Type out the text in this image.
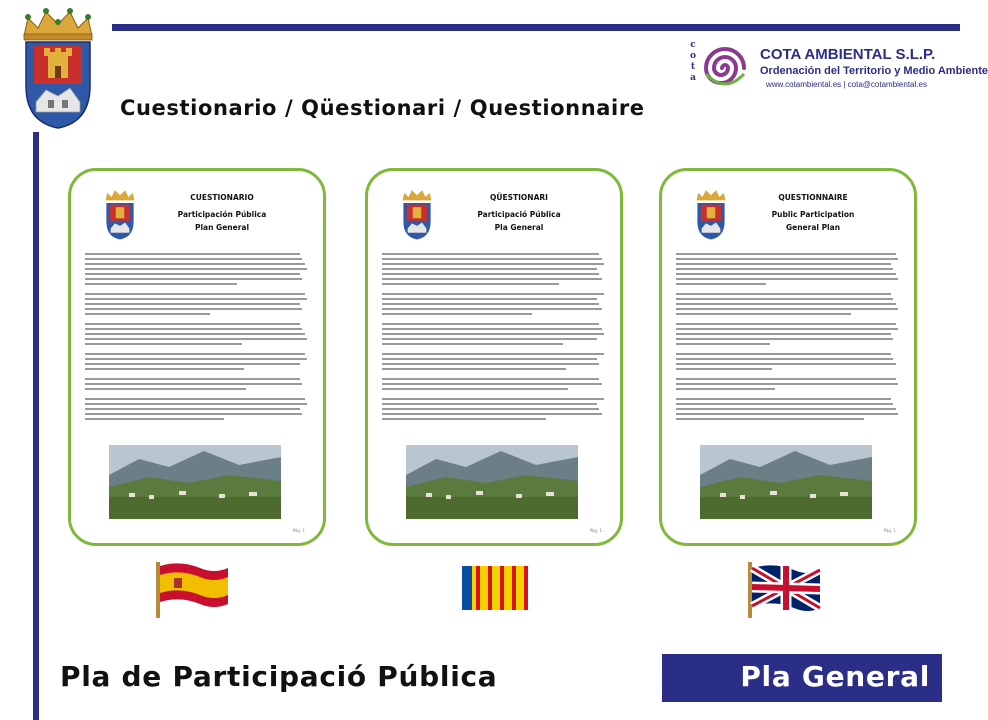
Cuestionario / Qüestionari / Questionnaire
c
o
t
a
COTA AMBIENTAL S.L.P.
Ordenación del Territorio y Medio Ambiente
www.cotambiental.es | cota@cotambiental.es
CUESTIONARIO
Participación Pública
Plan General
Pág. 1
QÜESTIONARI
Participació Pública
Pla General
Pàg. 1
QUESTIONNAIRE
Public Participation
General Plan
Pág. 1
Pla de Participació Pública	Pla General
